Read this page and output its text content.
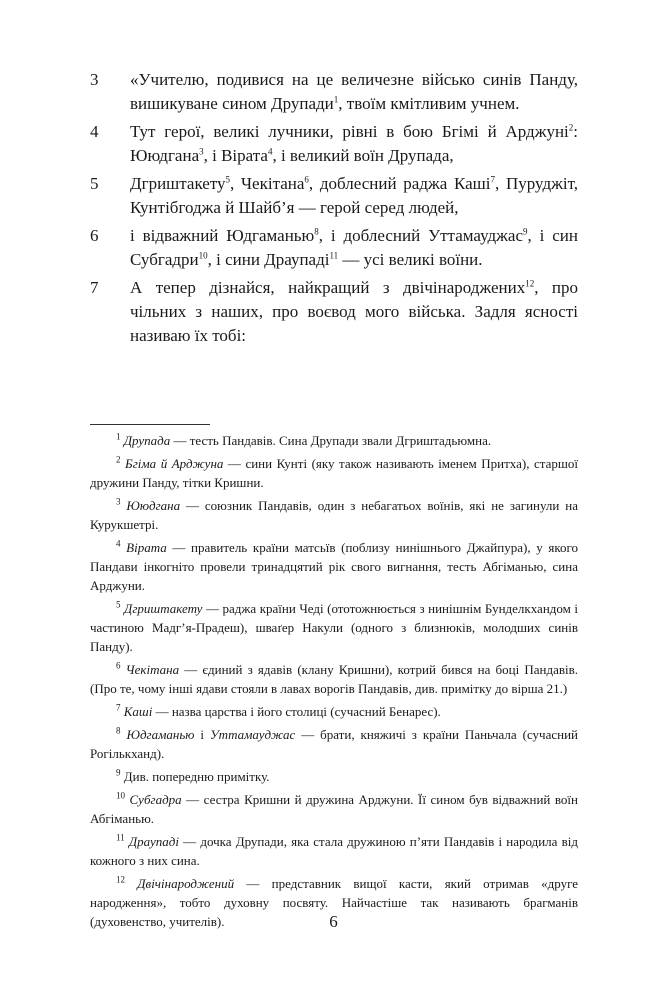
3	«Учителю, подивися на це величезне військо синів Панду, вишикуване сином Друпади$^1$, твоїм кмітливим учнем.
4	Тут герої, великі лучники, рівні в бою Бгімі й Арджуні$^2$: Ююдгана$^3$, і Вірата$^4$, і великий воїн Друпада,
5	Дгриштакету$^5$, Чекітана$^6$, доблесний раджа Каші$^7$, Пуруджіт, Кунтібгоджа й Шайб’я — герой серед людей,
6	і відважний Юдгаманью$^8$, і доблесний Уттамауджас$^9$, і син Субгадри$^{10}$, і сини Драупаді$^{11}$ — усі великі воїни.
7	А тепер дізнайся, найкращий з двічінароджених$^{12}$, про чільних з наших, про воєвод мого війська. Задля ясності називаю їх тобі:

$^1$ Друпада — тесть Пандавів. Сина Друпади звали Дгриштадьюмна.

$^2$ Бгіма й Арджуна — сини Кунті (яку також називають іменем Притха), старшої дружини Панду, тітки Кришни.

$^3$ Ююдгана — союзник Пандавів, один з небагатьох воїнів, які не загинули на Курукшетрі.

$^4$ Вірата — правитель країни матсьїв (поблизу нинішнього Джайпура), у якого Пандави інкогніто провели тринадцятий рік свого вигнання, тесть Абгіманью, сина Арджуни.

$^5$ Дгриштакету — раджа країни Чеді (ототожнюється з нинішнім Бунделкхандом і частиною Мадг’я-Прадеш), шваґер Накули (одного з близнюків, молодших синів Панду).

$^6$ Чекітана — єдиний з ядавів (клану Кришни), котрий бився на боці Пандавів. (Про те, чому інші ядави стояли в лавах ворогів Пандавів, див. примітку до вірша 21.)

$^7$ Каші — назва царства і його столиці (сучасний Бенарес).

$^8$ Юдгаманью і Уттамауджас — брати, княжичі з країни Паньчала (сучасний Рогількханд).

$^9$ Див. попередню примітку.

$^{10}$ Субгадра — сестра Кришни й дружина Арджуни. Її сином був відважний воїн Абгіманью.

$^{11}$ Драупаді — дочка Друпади, яка стала дружиною п’яти Пандавів і народила від кожного з них сина.

$^{12}$ Двічінароджений — представник вищої касти, який отримав «друге народження», тобто духовну посвяту. Найчастіше так називають брагманів (духовенство, учителів).	6
